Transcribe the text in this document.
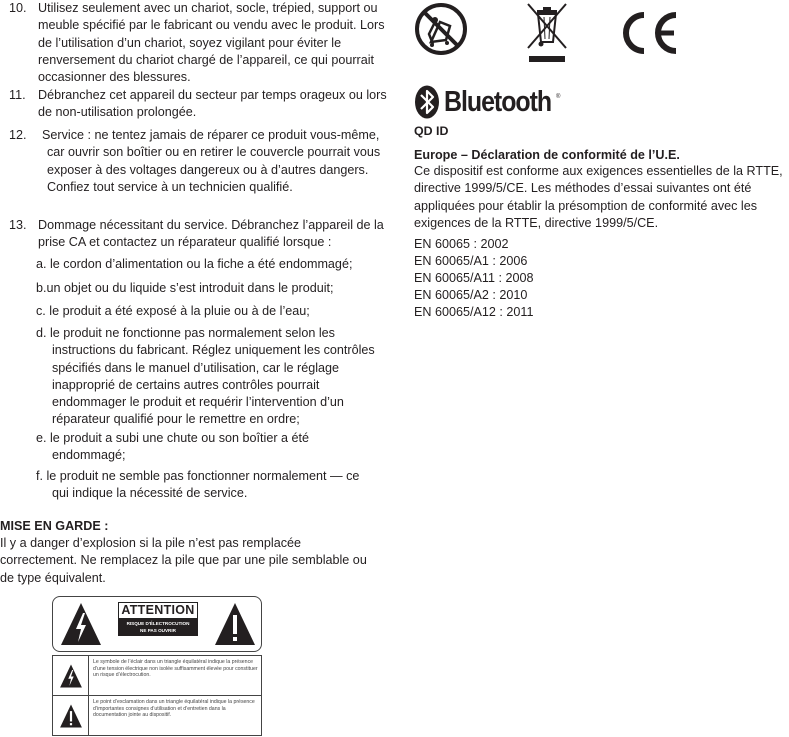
10. Utilisez seulement avec un chariot, socle, trépied, support ou meuble spécifié par le fabricant ou vendu avec le produit. Lors de l’utilisation d’un chariot, soyez vigilant pour éviter le renversement du chariot chargé de l’appareil, ce qui pourrait occasionner des blessures.
11. Débranchez cet appareil du secteur par temps orageux ou lors de non-utilisation prolongée.
12.	Service : ne tentez jamais de réparer ce produit vous-même, car ouvrir son boîtier ou en retirer le couvercle pourrait vous exposer à des voltages dangereux ou à d’autres dangers. Confiez tout service à un technicien qualifié.
13. Dommage nécessitant du service. Débranchez l’appareil de la prise CA et contactez un réparateur qualifié lorsque :
a. le cordon d’alimentation ou la fiche a été endommagé;
b.un objet ou du liquide s’est introduit dans le produit;
c. le produit a été exposé à la pluie ou à de l’eau;
d. le produit ne fonctionne pas normalement selon les instructions du fabricant. Réglez uniquement les contrôles spécifiés dans le manuel d’utilisation, car le réglage inapproprié de certains autres contrôles pourrait endommager le produit et requérir l’intervention d’un réparateur qualifié pour le remettre en ordre;
e. le produit a subi une chute ou son boîtier a été endommagé;
f. le produit ne semble pas fonctionner normalement — ce qui indique la nécessité de service.
MISE EN GARDE :
Il y a danger d’explosion si la pile n’est pas remplacée correctement. Ne remplacez la pile que par une pile semblable ou de type équivalent.
ATTENTION
RISQUE D'ÉLECTROCUTION
NE PAS OUVRIR
Le symbole de l’éclair dans un triangle équilatéral indique la présence d’une tension électrique non isolée suffisamment élevée pour constituer un risque d’électrocution.
Le point d’exclamation dans un triangle équilatéral indique la présence d’importantes consignes d’utilisation et d’entretien dans la documentation jointe au dispositif.
Bluetooth ®
QD ID
Europe – Déclaration de conformité de l’U.E.
Ce dispositif est conforme aux exigences essentielles de la RTTE, directive 1999/5/CE. Les méthodes d’essai suivantes ont été appliquées pour établir la présomption de conformité avec les exigences de la RTTE, directive 1999/5/CE.
EN 60065 : 2002
EN 60065/A1 : 2006
EN 60065/A11 : 2008
EN 60065/A2 : 2010
EN 60065/A12 : 2011
